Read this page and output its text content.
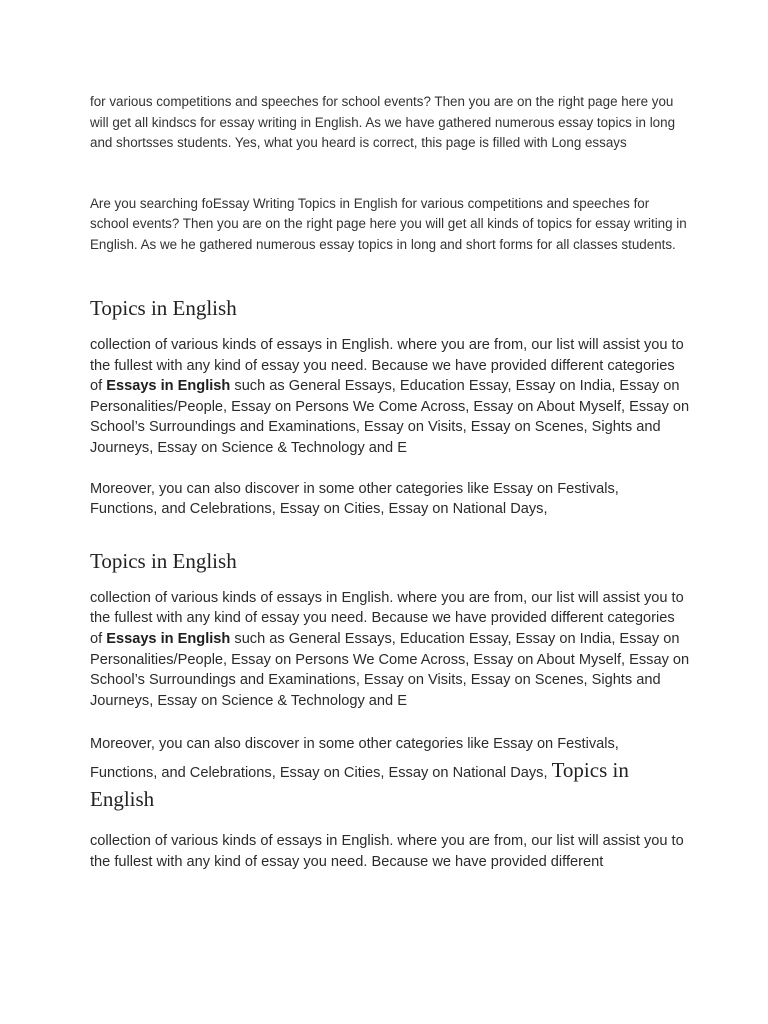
for various competitions and speeches for school events? Then you are on the right page here you will get all kindscs for essay writing in English. As we have gathered numerous essay topics in long and shortsses students. Yes, what you heard is correct, this page is filled with Long essays

Are you searching foEssay Writing Topics in English for various competitions and speeches for school events? Then you are on the right page here you will get all kinds of topics for essay writing in English. As we he gathered numerous essay topics in long and short forms for all classes students.

Topics in English

collection of various kinds of essays in English. where you are from, our list will assist you to the fullest with any kind of essay you need. Because we have provided different categories of Essays in English such as General Essays, Education Essay, Essay on India, Essay on Personalities/People, Essay on Persons We Come Across, Essay on About Myself, Essay on School’s Surroundings and Examinations, Essay on Visits, Essay on Scenes, Sights and Journeys, Essay on Science & Technology and E

Moreover, you can also discover in some other categories like Essay on Festivals, Functions, and Celebrations, Essay on Cities, Essay on National Days,

Topics in English

collection of various kinds of essays in English. where you are from, our list will assist you to the fullest with any kind of essay you need. Because we have provided different categories of Essays in English such as General Essays, Education Essay, Essay on India, Essay on Personalities/People, Essay on Persons We Come Across, Essay on About Myself, Essay on School’s Surroundings and Examinations, Essay on Visits, Essay on Scenes, Sights and Journeys, Essay on Science & Technology and E

Moreover, you can also discover in some other categories like Essay on Festivals, Functions, and Celebrations, Essay on Cities, Essay on National Days, Topics in English

collection of various kinds of essays in English. where you are from, our list will assist you to the fullest with any kind of essay you need. Because we have provided different
